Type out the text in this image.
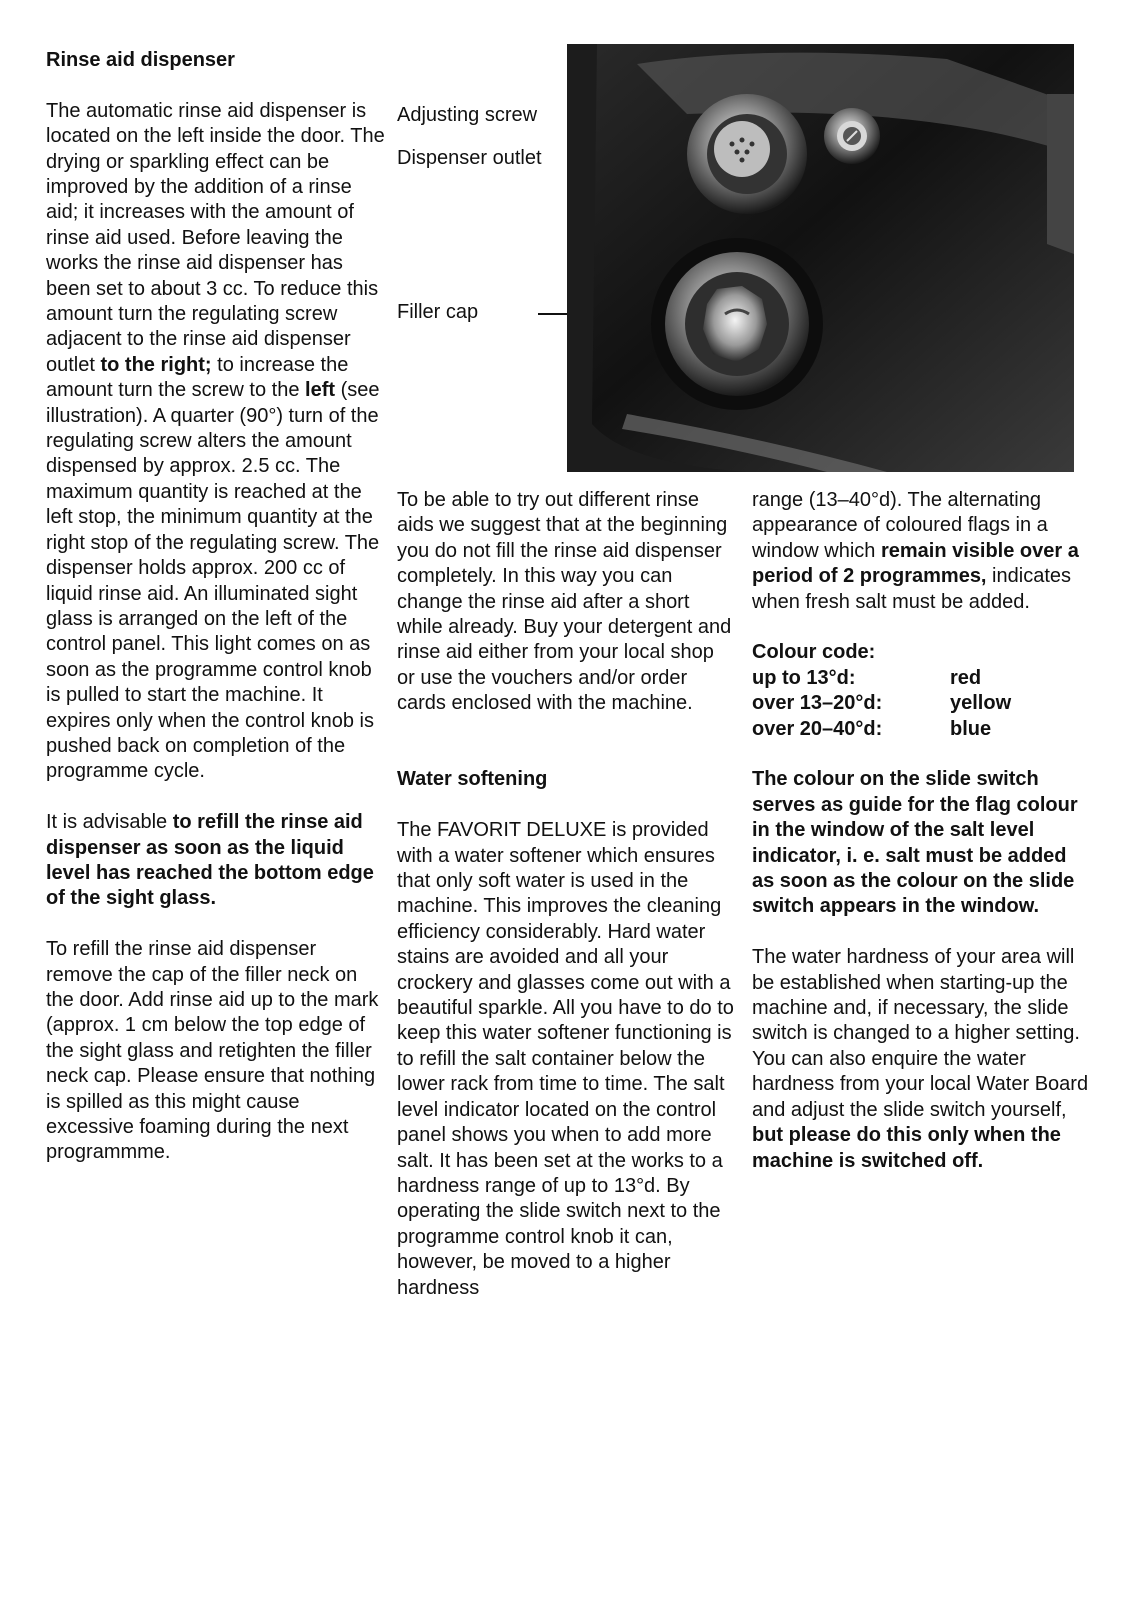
Rinse aid dispenser

The automatic rinse aid dispenser is located on the left inside the door. The drying or sparkling effect can be improved by the addition of a rinse aid; it increases with the amount of rinse aid used. Before leaving the works the rinse aid dispenser has been set to about 3 cc. To reduce this amount turn the regulating screw adjacent to the rinse aid dispenser outlet to the right; to increase the amount turn the screw to the left (see illustration). A quarter (90°) turn of the regulating screw alters the amount dispensed by approx. 2.5 cc. The maximum quantity is reached at the left stop, the minimum quantity at the right stop of the regulating screw. The dispenser holds approx. 200 cc of liquid rinse aid. An illuminated sight glass is arranged on the left of the control panel. This light comes on as soon as the programme control knob is pulled to start the machine. It expires only when the control knob is pushed back on completion of the programme cycle.

It is advisable to refill the rinse aid dispenser as soon as the liquid level has reached the bottom edge of the sight glass.

To refill the rinse aid dispenser remove the cap of the filler neck on the door. Add rinse aid up to the mark (approx. 1 cm below the top edge of the sight glass and retighten the filler neck cap. Please ensure that nothing is spilled as this might cause excessive foaming during the next programmme.

Adjusting screw
Dispenser outlet
Filler cap

To be able to try out different rinse aids we suggest that at the beginning you do not fill the rinse aid dispenser completely. In this way you can change the rinse aid after a short while already. Buy your detergent and rinse aid either from your local shop or use the vouchers and/or order cards enclosed with the machine.

Water softening

The FAVORIT DELUXE is provided with a water softener which ensures that only soft water is used in the machine. This improves the cleaning efficiency considerably. Hard water stains are avoided and all your crockery and glasses come out with a beautiful sparkle. All you have to do to keep this water softener functioning is to refill the salt container below the lower rack from time to time. The salt level indicator located on the control panel shows you when to add more salt. It has been set at the works to a hardness range of up to 13°d. By operating the slide switch next to the programme control knob it can, however, be moved to a higher hardness

range (13–40°d). The alternating appearance of coloured flags in a window which remain visible over a period of 2 programmes, indicates when fresh salt must be added.

Colour code:

up to 13°d:	red
over 13–20°d:	yellow
over 20–40°d:	blue

The colour on the slide switch serves as guide for the flag colour in the window of the salt level indicator, i. e. salt must be added as soon as the colour on the slide switch appears in the window.

The water hardness of your area will be established when starting-up the machine and, if necessary, the slide switch is changed to a higher setting. You can also enquire the water hardness from your local Water Board and adjust the slide switch yourself, but please do this only when the machine is switched off.
